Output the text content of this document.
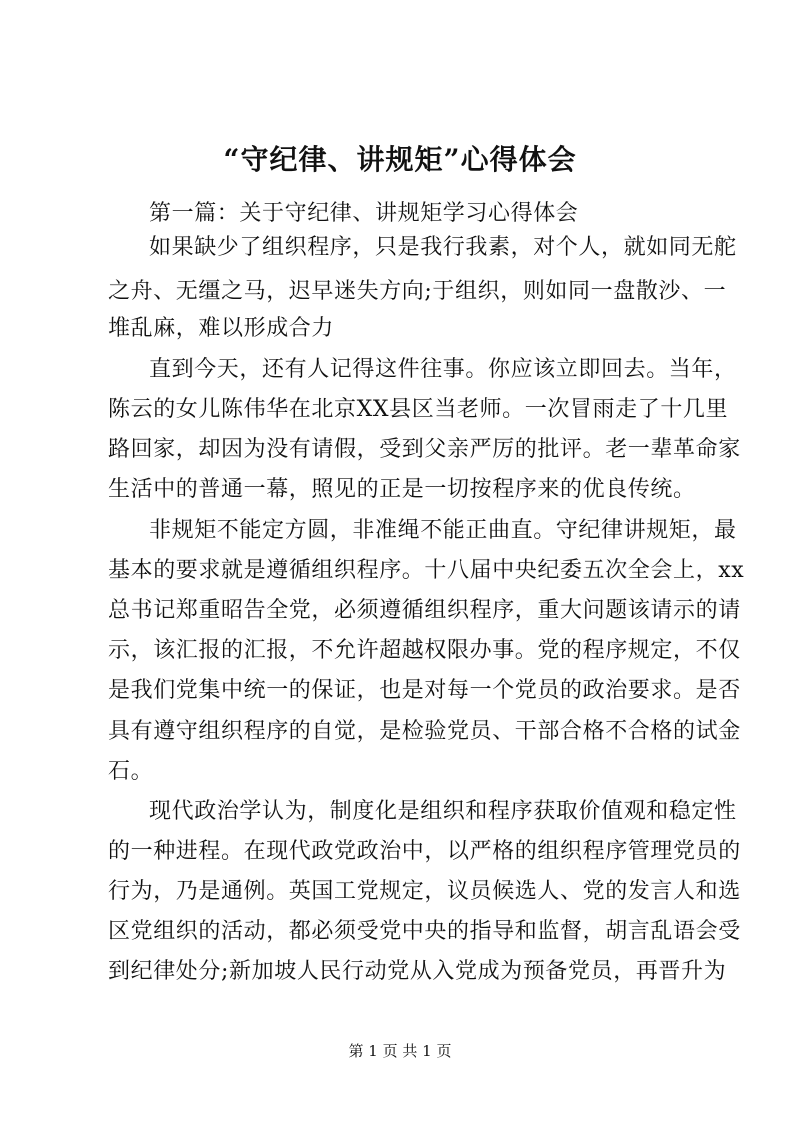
“守纪律、讲规矩”心得体会
第一篇：关于守纪律、讲规矩学习心得体会
如果缺少了组织程序，只是我行我素，对个人，就如同无舵
之舟、无缰之马，迟早迷失方向;于组织，则如同一盘散沙、一
堆乱麻，难以形成合力
直到今天，还有人记得这件往事。你应该立即回去。当年，
陈云的女儿陈伟华在北京XX县区当老师。一次冒雨走了十几里
路回家，却因为没有请假，受到父亲严厉的批评。老一辈革命家
生活中的普通一幕，照见的正是一切按程序来的优良传统。
非规矩不能定方圆，非准绳不能正曲直。守纪律讲规矩，最
基本的要求就是遵循组织程序。十八届中央纪委五次全会上，xx
总书记郑重昭告全党，必须遵循组织程序，重大问题该请示的请
示，该汇报的汇报，不允许超越权限办事。党的程序规定，不仅
是我们党集中统一的保证，也是对每一个党员的政治要求。是否
具有遵守组织程序的自觉，是检验党员、干部合格不合格的试金
石。
现代政治学认为，制度化是组织和程序获取价值观和稳定性
的一种进程。在现代政党政治中，以严格的组织程序管理党员的
行为，乃是通例。英国工党规定，议员候选人、党的发言人和选
区党组织的活动，都必须受党中央的指导和监督，胡言乱语会受
到纪律处分;新加坡人民行动党从入党成为预备党员，再晋升为
第 1 页 共 1 页
